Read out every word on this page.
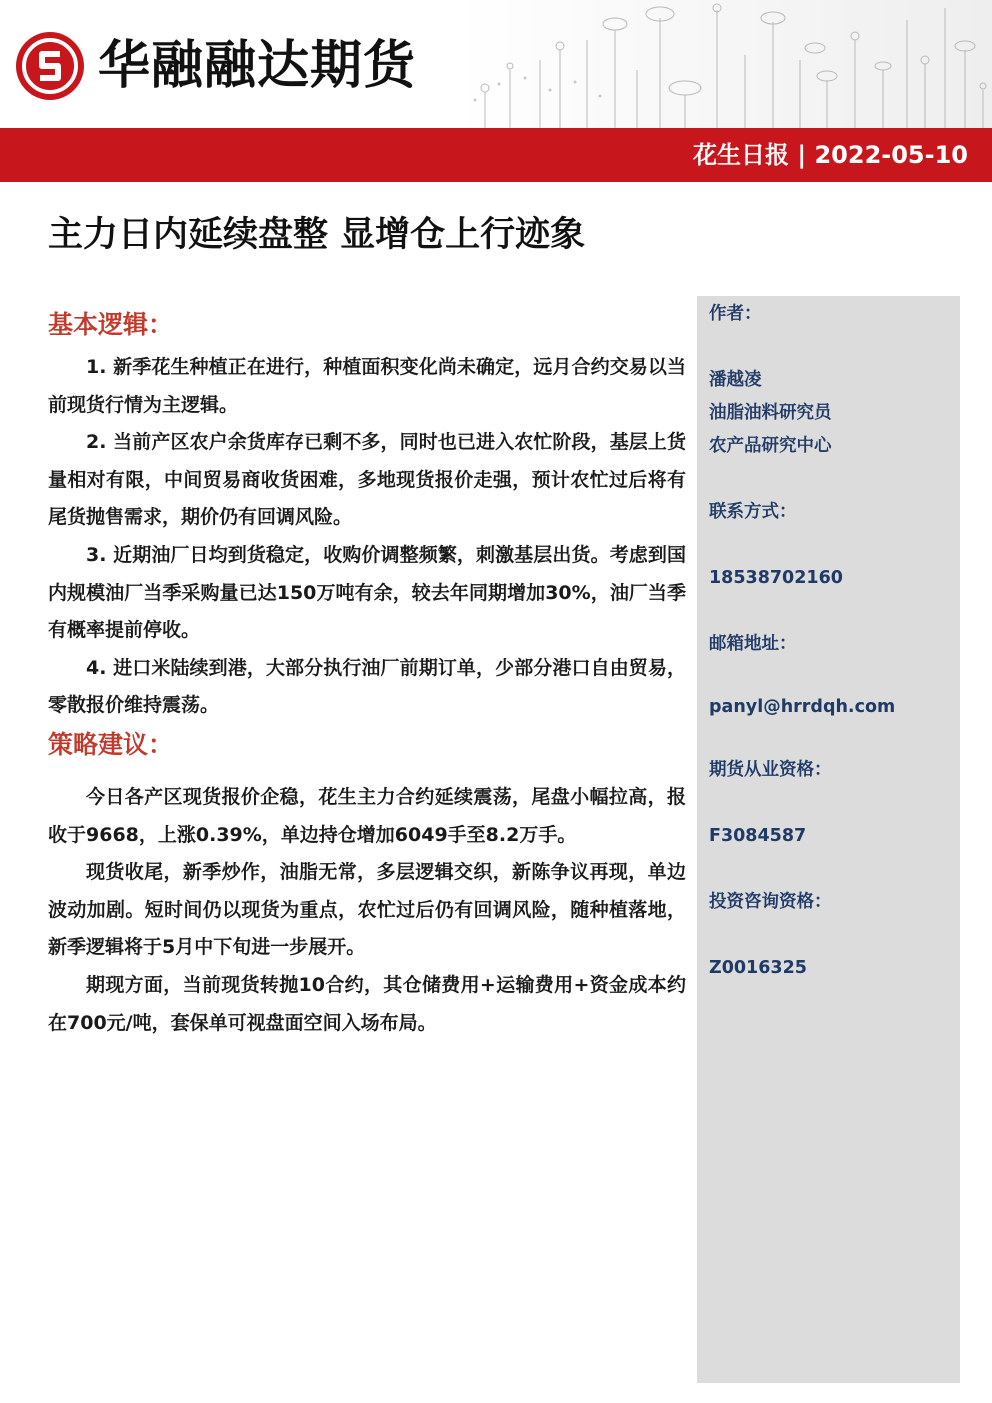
华融融达期货
花生日报 | 2022-05-10
主力日内延续盘整 显增仓上行迹象
基本逻辑：

1. 新季花生种植正在进行，种植面积变化尚未确定，远月合约交易以当前现货行情为主逻辑。

2. 当前产区农户余货库存已剩不多，同时也已进入农忙阶段，基层上货量相对有限，中间贸易商收货困难，多地现货报价走强，预计农忙过后将有尾货抛售需求，期价仍有回调风险。

3. 近期油厂日均到货稳定，收购价调整频繁，刺激基层出货。考虑到国内规模油厂当季采购量已达150万吨有余，较去年同期增加30%，油厂当季有概率提前停收。

4. 进口米陆续到港，大部分执行油厂前期订单，少部分港口自由贸易，零散报价维持震荡。

策略建议：

今日各产区现货报价企稳，花生主力合约延续震荡，尾盘小幅拉高，报收于9668，上涨0.39%，单边持仓增加6049手至8.2万手。

现货收尾，新季炒作，油脂无常，多层逻辑交织，新陈争议再现，单边波动加剧。短时间仍以现货为重点，农忙过后仍有回调风险，随种植落地，新季逻辑将于5月中下旬进一步展开。

期现方面，当前现货转抛10合约，其仓储费用+运输费用+资金成本约在700元/吨，套保单可视盘面空间入场布局。

作者：
潘越凌
油脂油料研究员
农产品研究中心
联系方式：
18538702160
邮箱地址：
panyl@hrrdqh.com
期货从业资格：
F3084587
投资咨询资格：
Z0016325
